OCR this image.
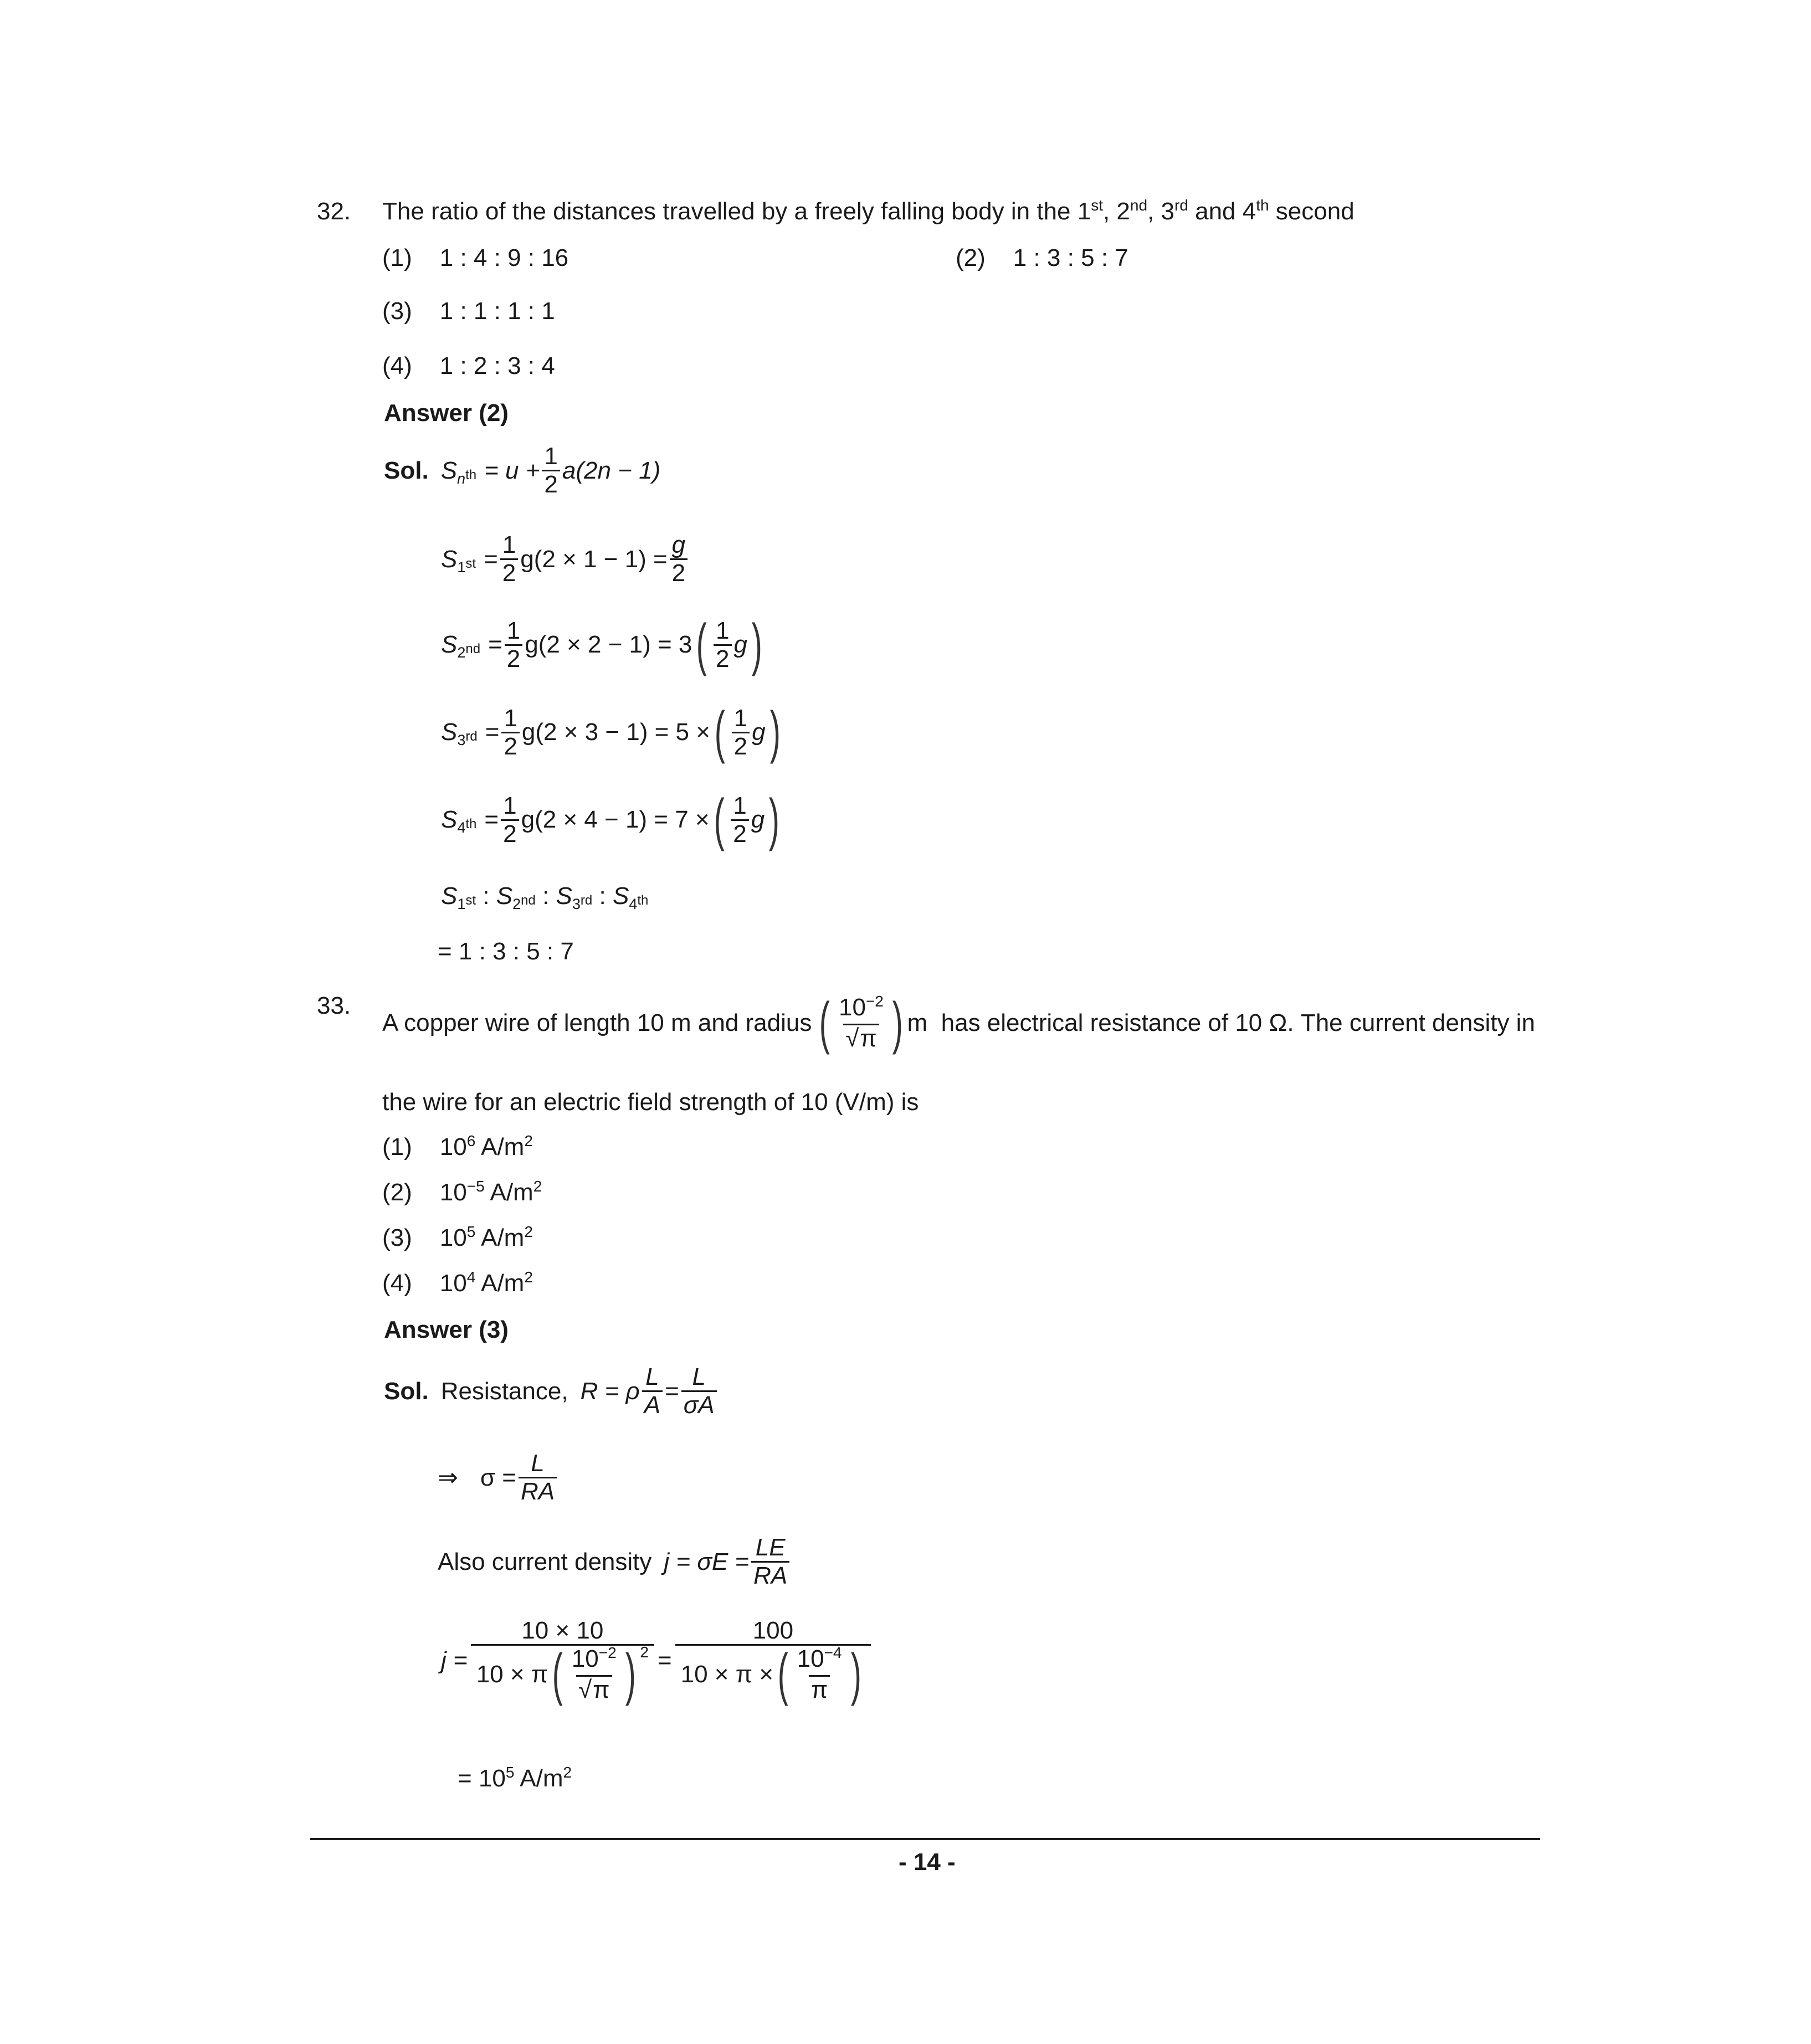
32. The ratio of the distances travelled by a freely falling body in the 1st, 2nd, 3rd and 4th second
(1) 1 : 4 : 9 : 16	(2) 1 : 3 : 5 : 7
(3) 1 : 1 : 1 : 1
(4) 1 : 2 : 3 : 4
Answer (2)
Sol. S n th = $u + \frac{1}{2} a(2n - 1)$
S 1 st = $\frac{1}{2} g(2 \times 1 - 1) = \frac{g}{2}$
S 2 nd = $\frac{1}{2} g(2 \times 2 - 1) = 3$ ( $\frac{1}{2}$ g )
S 3 rd = $\frac{1}{2} g(2 \times 3 - 1) = 5$ × ( $\frac{1}{2}$ g )
S 4 th = $\frac{1}{2} g(2 \times 4 - 1) = 7$ × ( $\frac{1}{2}$ g )
S 1 st : S 2 nd : S 3 rd : S 4 th
= 1 : 3 : 5 : 7
33.
A copper wire of length 10 m and radius ( $\frac{10^{-2}}{√\pi}$ ) m  has electrical resistance of 10 Ω. The current density in
the wire for an electric field strength of 10 (V/m) is
(1) $10^6$ $A/m^2$
(2) $10^{-5}$ $A/m^2$
(3) $10^5$ $A/m^2$
(4) $10^4$ $A/m^2$
Answer (3)
Sol. Resistance, R = ρ $\frac{L}{A} = \frac{L}{\sigma A}$
⇒ $\sigma = \frac{L}{RA}$
Also current density $j = \sigma E = \frac{LE}{RA}$
j =
10 × 10
10 × π ( $\frac{10^{-2}}{√\pi}$ ) 2 =
100
10 × π × ( $\frac{10^{-4}}{\pi}$ )
= $10^5$ $A/m^2$
- 14 -
